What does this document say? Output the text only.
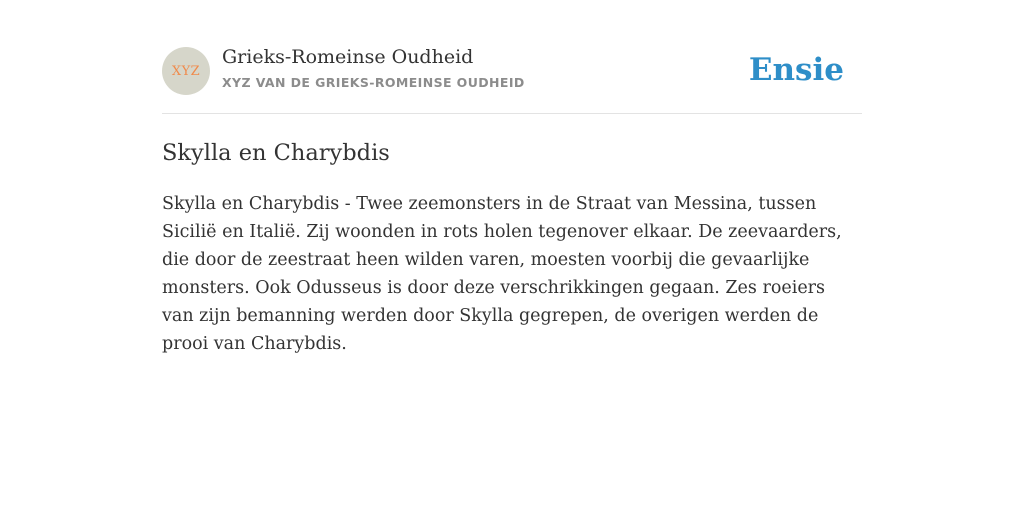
XYZ
Grieks-Romeinse Oudheid
XYZ VAN DE GRIEKS-ROMEINSE OUDHEID	Ensie
Skylla en Charybdis

Skylla en Charybdis - Twee zeemonsters in de Straat van Messina, tussen Sicilië en Italië. Zij woonden in rots holen tegenover elkaar. De zeevaarders, die door de zeestraat heen wilden varen, moesten voorbij die gevaarlijke monsters. Ook Odusseus is door deze verschrikkingen gegaan. Zes roeiers van zijn bemanning werden door Skylla gegrepen, de overigen werden de prooi van Charybdis.
